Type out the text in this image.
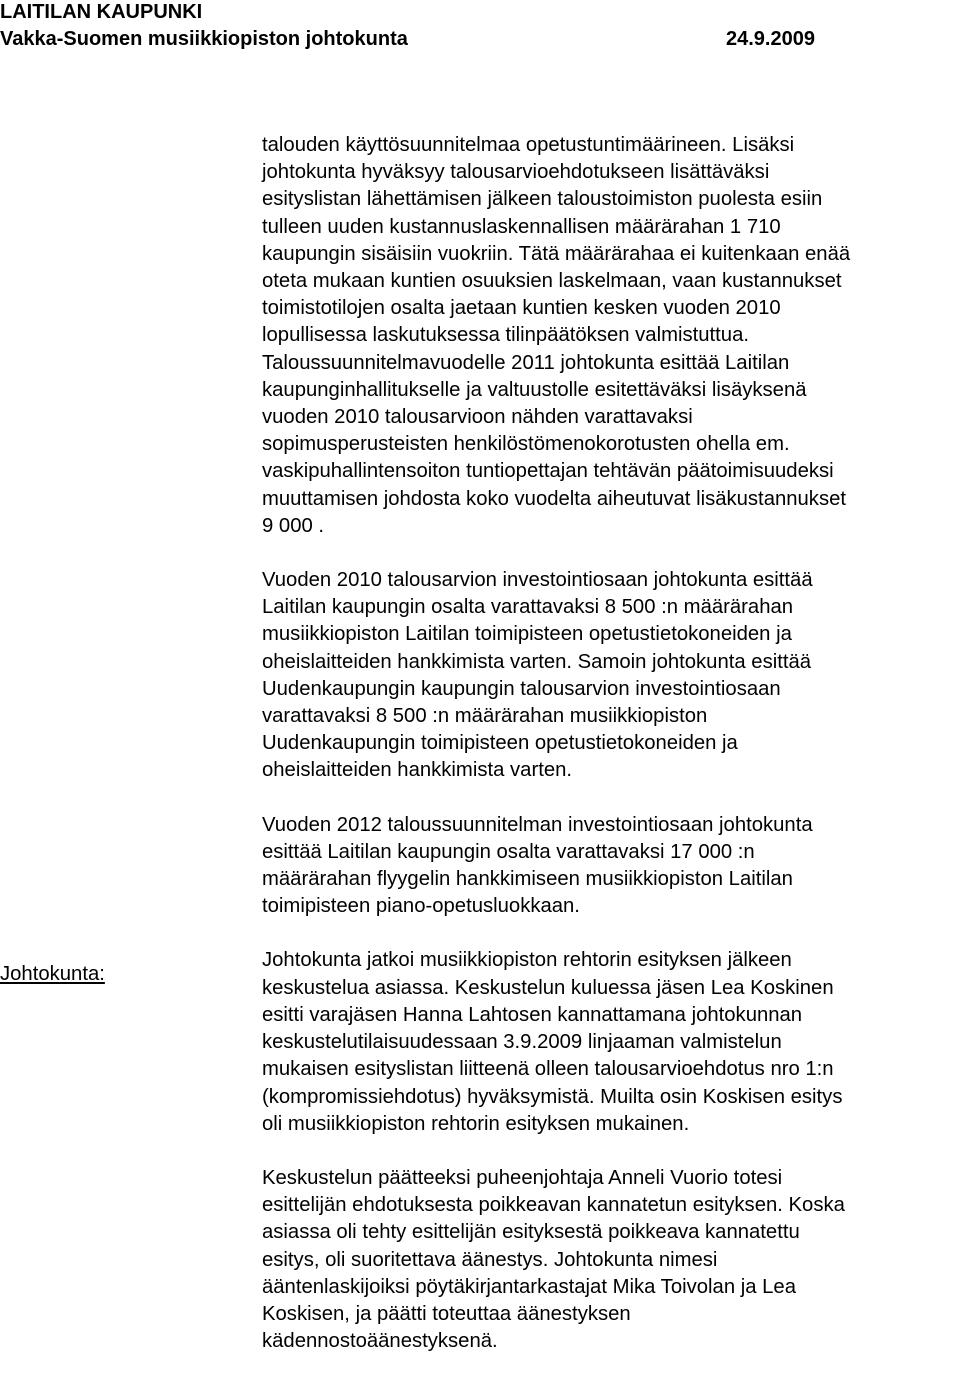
LAITILAN KAUPUNKI
Vakka-Suomen musiikkiopiston johtokunta	24.9.2009
Johtokunta:

talouden käyttösuunnitelmaa opetustuntimäärineen. Lisäksi
johtokunta hyväksyy talousarvioehdotukseen lisättäväksi
esityslistan lähettämisen jälkeen taloustoimiston puolesta esiin
tulleen uuden kustannuslaskennallisen määrärahan 1 710
kaupungin sisäisiin vuokriin. Tätä määrärahaa ei kuitenkaan enää
oteta mukaan kuntien osuuksien laskelmaan, vaan kustannukset
toimistotilojen osalta jaetaan kuntien kesken vuoden 2010
lopullisessa laskutuksessa tilinpäätöksen valmistuttua.
Taloussuunnitelmavuodelle 2011 johtokunta esittää Laitilan
kaupunginhallitukselle ja valtuustolle esitettäväksi lisäyksenä
vuoden 2010 talousarvioon nähden varattavaksi
sopimusperusteisten henkilöstömenokorotusten ohella em.
vaskipuhallintensoiton tuntiopettajan tehtävän päätoimisuudeksi
muuttamisen johdosta koko vuodelta aiheutuvat lisäkustannukset
9 000 .

Vuoden 2010 talousarvion investointiosaan johtokunta esittää
Laitilan kaupungin osalta varattavaksi 8 500 :n määrärahan
musiikkiopiston Laitilan toimipisteen opetustietokoneiden ja
oheislaitteiden hankkimista varten. Samoin johtokunta esittää
Uudenkaupungin kaupungin talousarvion investointiosaan
varattavaksi 8 500 :n määrärahan musiikkiopiston
Uudenkaupungin toimipisteen opetustietokoneiden ja
oheislaitteiden hankkimista varten.

Vuoden 2012 taloussuunnitelman investointiosaan johtokunta
esittää Laitilan kaupungin osalta varattavaksi 17 000 :n
määrärahan flyygelin hankkimiseen musiikkiopiston Laitilan
toimipisteen piano-opetusluokkaan.

Johtokunta jatkoi musiikkiopiston rehtorin esityksen jälkeen
keskustelua asiassa. Keskustelun kuluessa jäsen Lea Koskinen
esitti varajäsen Hanna Lahtosen kannattamana johtokunnan
keskustelutilaisuudessaan 3.9.2009 linjaaman valmistelun
mukaisen esityslistan liitteenä olleen talousarvioehdotus nro 1:n
(kompromissiehdotus) hyväksymistä. Muilta osin Koskisen esitys
oli musiikkiopiston rehtorin esityksen mukainen.

Keskustelun päätteeksi puheenjohtaja Anneli Vuorio totesi
esittelijän ehdotuksesta poikkeavan kannatetun esityksen. Koska
asiassa oli tehty esittelijän esityksestä poikkeava kannatettu
esitys, oli suoritettava äänestys. Johtokunta nimesi
ääntenlaskijoiksi pöytäkirjantarkastajat Mika Toivolan ja Lea
Koskisen, ja päätti toteuttaa äänestyksen
kädennostoäänestyksenä.
